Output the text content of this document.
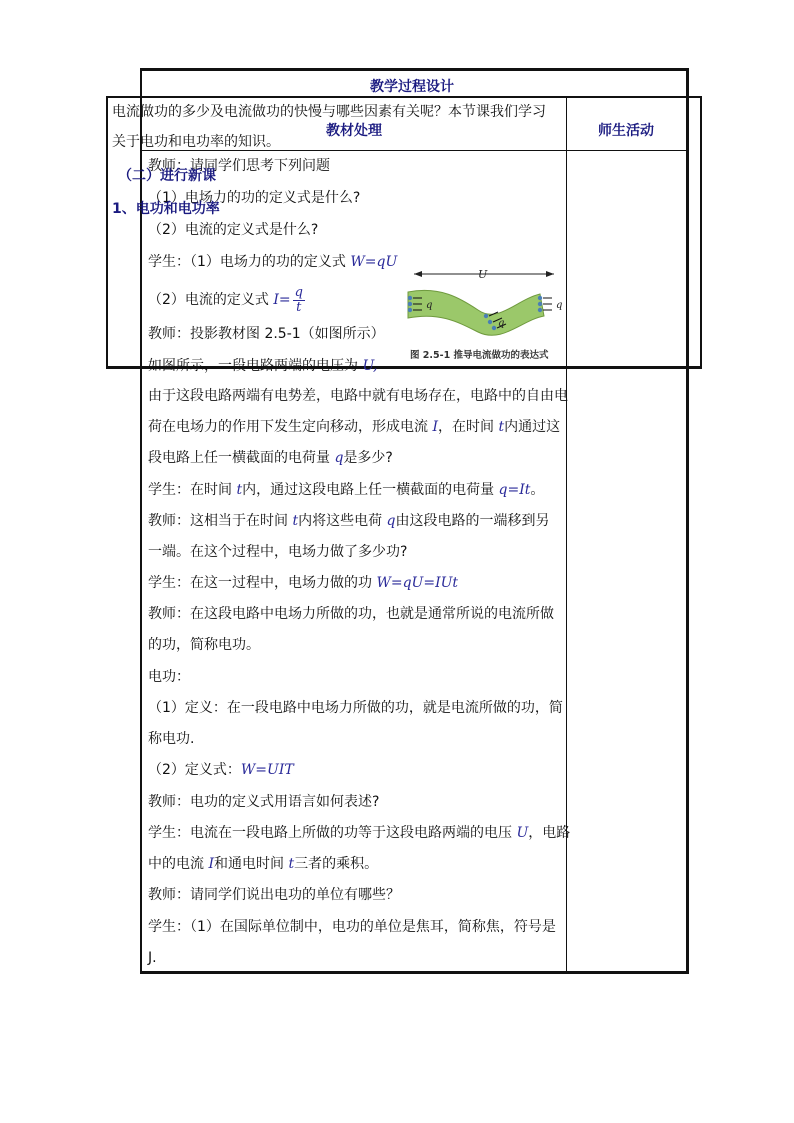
教学过程设计
教材处理	师生活动
电流做功的多少及电流做功的快慢与哪些因素有关呢？本节课我们学习
关于电功和电功率的知识。
教师：请同学们思考下列问题
（二）进行新课
（1）电场力的功的定义式是什么?
1、电功和电功率
（2）电流的定义式是什么?
学生：（1）电场力的功的定义式 W=qU
（2）电流的定义式 $I= \frac{q}{t}$
教师：投影教材图 2.5-1（如图所示）
如图所示，一段电路两端的电压为 U,
U
q
q
q
图 2.5-1 推导电流做功的表达式
由于这段电路两端有电势差，电路中就有电场存在，电路中的自由电
荷在电场力的作用下发生定向移动，形成电流 I，在时间 t内通过这
段电路上任一横截面的电荷量 q是多少?
学生：在时间 t内，通过这段电路上任一横截面的电荷量 q=It。
教师：这相当于在时间 t内将这些电荷 q由这段电路的一端移到另
一端。在这个过程中，电场力做了多少功?
学生：在这一过程中，电场力做的功 W=qU=IUt
教师：在这段电路中电场力所做的功，也就是通常所说的电流所做
的功，简称电功。
电功：
（1）定义：在一段电路中电场力所做的功，就是电流所做的功，简
称电功.
（2）定义式：W=UIT
教师：电功的定义式用语言如何表述?
学生：电流在一段电路上所做的功等于这段电路两端的电压 U，电路
中的电流 I和通电时间 t三者的乘积。
教师：请同学们说出电功的单位有哪些？
学生：（1）在国际单位制中，电功的单位是焦耳，简称焦，符号是
J.
